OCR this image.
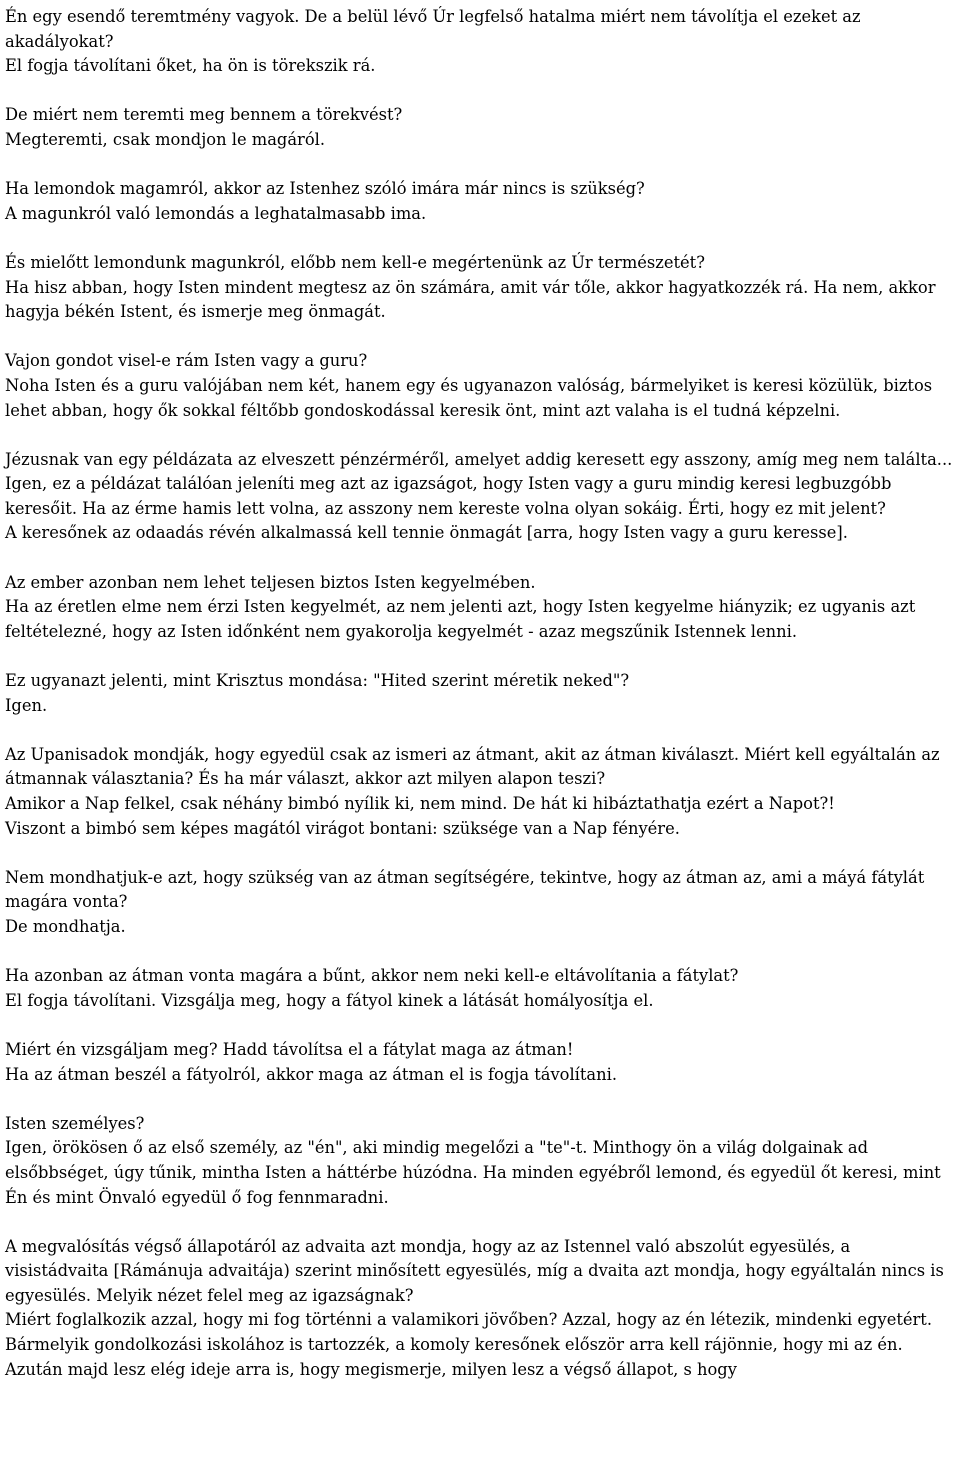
Én egy esendő teremtmény vagyok. De a belül lévő Úr legfelső hatalma miért nem távolítja el ezeket az akadályokat?
El fogja távolítani őket, ha ön is törekszik rá.
De miért nem teremti meg bennem a törekvést?
Megteremti, csak mondjon le magáról.
Ha lemondok magamról, akkor az Istenhez szóló imára már nincs is szükség?
A magunkról való lemondás a leghatalmasabb ima.
És mielőtt lemondunk magunkról, előbb nem kell-e megértenünk az Úr természetét?
Ha hisz abban, hogy Isten mindent megtesz az ön számára, amit vár tőle, akkor hagyatkozzék rá. Ha nem, akkor hagyja békén Istent, és ismerje meg önmagát.
Vajon gondot visel-e rám Isten vagy a guru?
Noha Isten és a guru valójában nem két, hanem egy és ugyanazon valóság, bármelyiket is keresi közülük, biztos lehet abban, hogy ők sokkal féltőbb gondoskodással keresik önt, mint azt valaha is el tudná képzelni.
Jézusnak van egy példázata az elveszett pénzérméről, amelyet addig keresett egy asszony, amíg meg nem találta...
Igen, ez a példázat találóan jeleníti meg azt az igazságot, hogy Isten vagy a guru mindig keresi legbuzgóbb keresőit. Ha az érme hamis lett volna, az asszony nem kereste volna olyan sokáig. Érti, hogy ez mit jelent?
A keresőnek az odaadás révén alkalmassá kell tennie önmagát [arra, hogy Isten vagy a guru keresse].
Az ember azonban nem lehet teljesen biztos Isten kegyelmében.
Ha az éretlen elme nem érzi Isten kegyelmét, az nem jelenti azt, hogy Isten kegyelme hiányzik; ez ugyanis azt feltételezné, hogy az Isten időnként nem gyakorolja kegyelmét - azaz megszűnik Istennek lenni.
Ez ugyanazt jelenti, mint Krisztus mondása: "Hited szerint méretik neked"?
Igen.
Az Upanisadok mondják, hogy egyedül csak az ismeri az átmant, akit az átman kiválaszt. Miért kell egyáltalán az átmannak választania? És ha már választ, akkor azt milyen alapon teszi?
Amikor a Nap felkel, csak néhány bimbó nyílik ki, nem mind. De hát ki hibáztathatja ezért a Napot?!
Viszont a bimbó sem képes magától virágot bontani: szüksége van a Nap fényére.
Nem mondhatjuk-e azt, hogy szükség van az átman segítségére, tekintve, hogy az átman az, ami a máyá fátylát magára vonta?
De mondhatja.
Ha azonban az átman vonta magára a bűnt, akkor nem neki kell-e eltávolítania a fátylat?
El fogja távolítani. Vizsgálja meg, hogy a fátyol kinek a látását homályosítja el.
Miért én vizsgáljam meg? Hadd távolítsa el a fátylat maga az átman!
Ha az átman beszél a fátyolról, akkor maga az átman el is fogja távolítani.
Isten személyes?
Igen, örökösen ő az első személy, az "én", aki mindig megelőzi a "te"-t. Minthogy ön a világ dolgainak ad elsőbbséget, úgy tűnik, mintha Isten a háttérbe húzódna. Ha minden egyébről lemond, és egyedül őt keresi, mint Én és mint Önvaló egyedül ő fog fennmaradni.
A megvalósítás végső állapotáról az advaita azt mondja, hogy az az Istennel való abszolút egyesülés, a visistádvaita [Rámánuja advaitája) szerint minősített egyesülés, míg a dvaita azt mondja, hogy egyáltalán nincs is egyesülés. Melyik nézet felel meg az igazságnak?
Miért foglalkozik azzal, hogy mi fog történni a valamikori jövőben? Azzal, hogy az én létezik, mindenki egyetért. Bármelyik gondolkozási iskolához is tartozzék, a komoly keresőnek először arra kell rájönnie, hogy mi az én. Azután majd lesz elég ideje arra is, hogy megismerje, milyen lesz a végső állapot, s hogy
